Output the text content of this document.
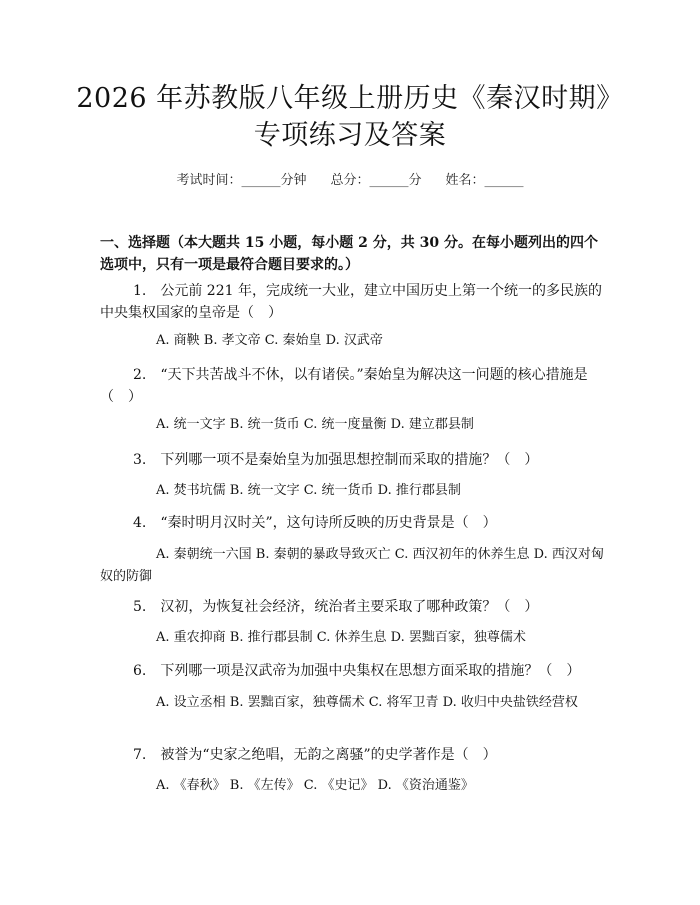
2026 年苏教版八年级上册历史《秦汉时期》
专项练习及答案
考试时间：______分钟 总分：______分 姓名：______
一、选择题（本大题共 15 小题，每小题 2 分，共 30 分。在每小题列出的四个选项中，只有一项是最符合题目要求的。）
1.　公元前 221 年，完成统一大业，建立中国历史上第一个统一的多民族的中央集权国家的皇帝是（　）
A. 商鞅 B. 孝文帝 C. 秦始皇 D. 汉武帝
2.　“天下共苦战斗不休，以有诸侯。”秦始皇为解决这一问题的核心措施是（　）
A. 统一文字 B. 统一货币 C. 统一度量衡 D. 建立郡县制
3.　下列哪一项不是秦始皇为加强思想控制而采取的措施？（　）
A. 焚书坑儒 B. 统一文字 C. 统一货币 D. 推行郡县制
4.　“秦时明月汉时关”，这句诗所反映的历史背景是（　）
A. 秦朝统一六国 B. 秦朝的暴政导致灭亡 C. 西汉初年的休养生息 D. 西汉对匈奴的防御
5.　汉初，为恢复社会经济，统治者主要采取了哪种政策？（　）
A. 重农抑商 B. 推行郡县制 C. 休养生息 D. 罢黜百家，独尊儒术
6.　下列哪一项是汉武帝为加强中央集权在思想方面采取的措施？（　）
A. 设立丞相 B. 罢黜百家，独尊儒术 C. 将军卫青 D. 收归中央盐铁经营权
7.　被誉为“史家之绝唱，无韵之离骚”的史学著作是（　）
A. 《春秋》 B. 《左传》 C. 《史记》 D. 《资治通鉴》
